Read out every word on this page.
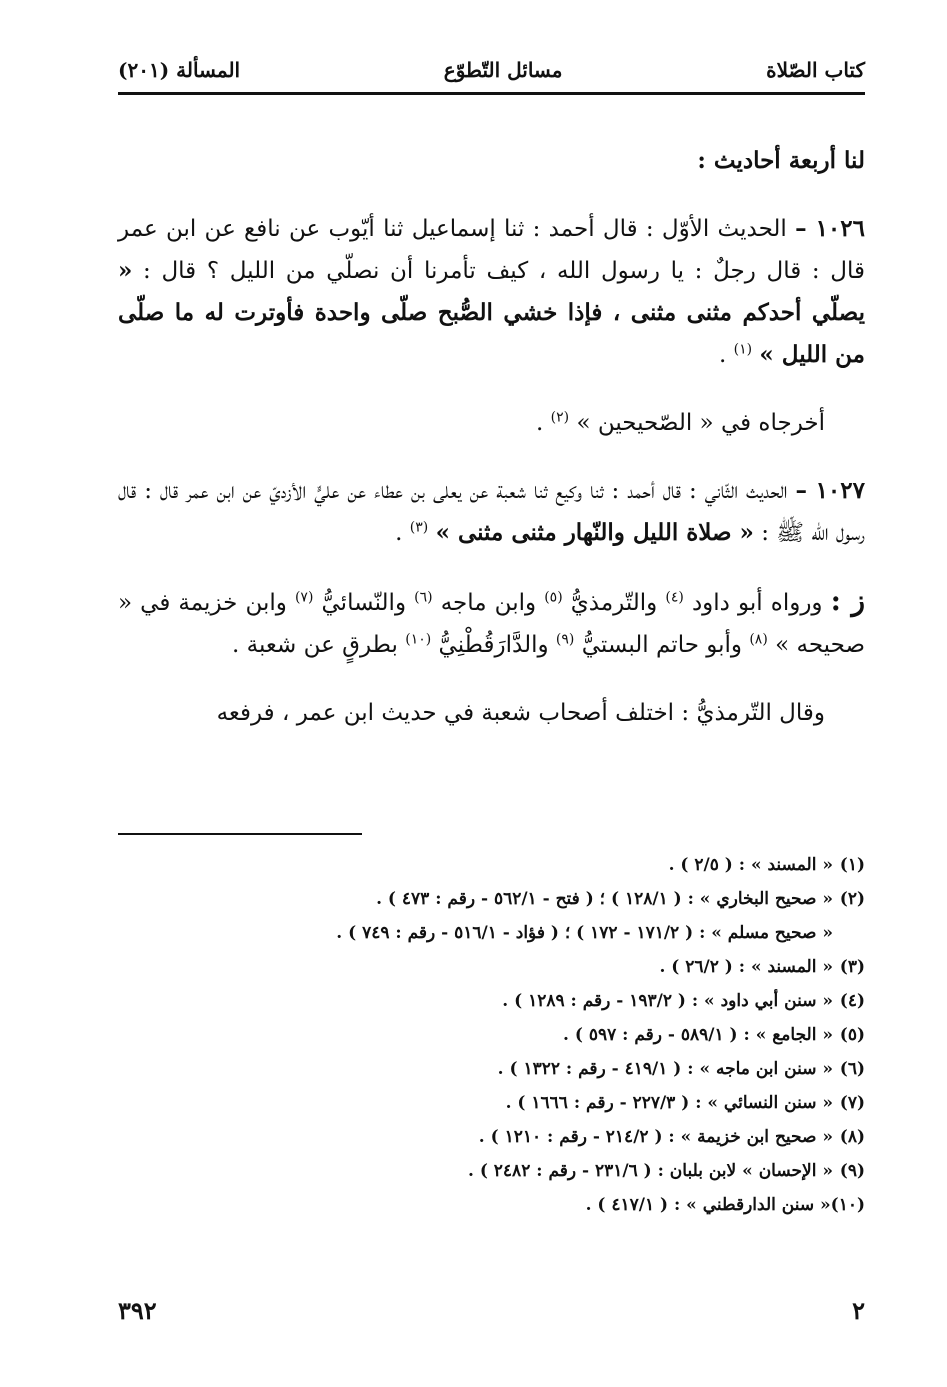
كتاب الصّلاة
مسائل التّطوّع
المسألة (٢٠١)

لنا أربعة أحاديث :

١٠٢٦ – الحديث الأوّل : قال أحمد : ثنا إسماعيل ثنا أيّوب عن نافع عن ابن عمر قال : قال رجلٌ : يا رسول الله ، كيف تأمرنا أن نصلّي من الليل ؟ قال : « يصلّي أحدكم مثنى مثنى ، فإذا خشي الصُّبح صلّى واحدة فأوترت له ما صلّى من الليل » $^{(١)}$ .

أخرجاه في « الصّحيحين » $^{(٢)}$ .

١٠٢٧ – الحديث الثّاني : قال أحمد : ثنا وكيع ثنا شعبة عن يعلى بن عطاء عن عليٍّ الأزديّ عن ابن عمر قال : قال رسول الله ﷺ : « صلاة الليل والنّهار مثنى مثنى » $^{(٣)}$ .

ز : ورواه أبو داود $^{(٤)}$ والتّرمذيُّ $^{(٥)}$ وابن ماجه $^{(٦)}$ والنّسائيُّ $^{(٧)}$ وابن خزيمة في « صحيحه » $^{(٨)}$ وأبو حاتم البستيُّ $^{(٩)}$ والدَّارَقُطْنِيُّ $^{(١٠)}$ بطرقٍ عن شعبة .

وقال التّرمذيُّ : اختلف أصحاب شعبة في حديث ابن عمر ، فرفعه

(١)
« المسند » : ( ٢/٥ ) .
(٢)
« صحيح البخاري » : ( ١٢٨/١ ) ؛ ( فتح - ٥٦٢/١ - رقم : ٤٧٣ ) .
« صحيح مسلم » : ( ١٧١/٢ - ١٧٢ ) ؛ ( فؤاد - ٥١٦/١ - رقم : ٧٤٩ ) .
(٣)
« المسند » : ( ٢٦/٢ ) .
(٤)
« سنن أبي داود » : ( ١٩٣/٢ - رقم : ١٢٨٩ ) .
(٥)
« الجامع » : ( ٥٨٩/١ - رقم : ٥٩٧ ) .
(٦)
« سنن ابن ماجه » : ( ٤١٩/١ - رقم : ١٣٢٢ ) .
(٧)
« سنن النسائي » : ( ٢٢٧/٣ - رقم : ١٦٦٦ ) .
(٨)
« صحيح ابن خزيمة » : ( ٢١٤/٢ - رقم : ١٢١٠ ) .
(٩)
« الإحسان » لابن بلبان : ( ٢٣١/٦ - رقم : ٢٤٨٢ ) .
(١٠)
« سنن الدارقطني » : ( ٤١٧/١ ) .
٢
٣٩٢
